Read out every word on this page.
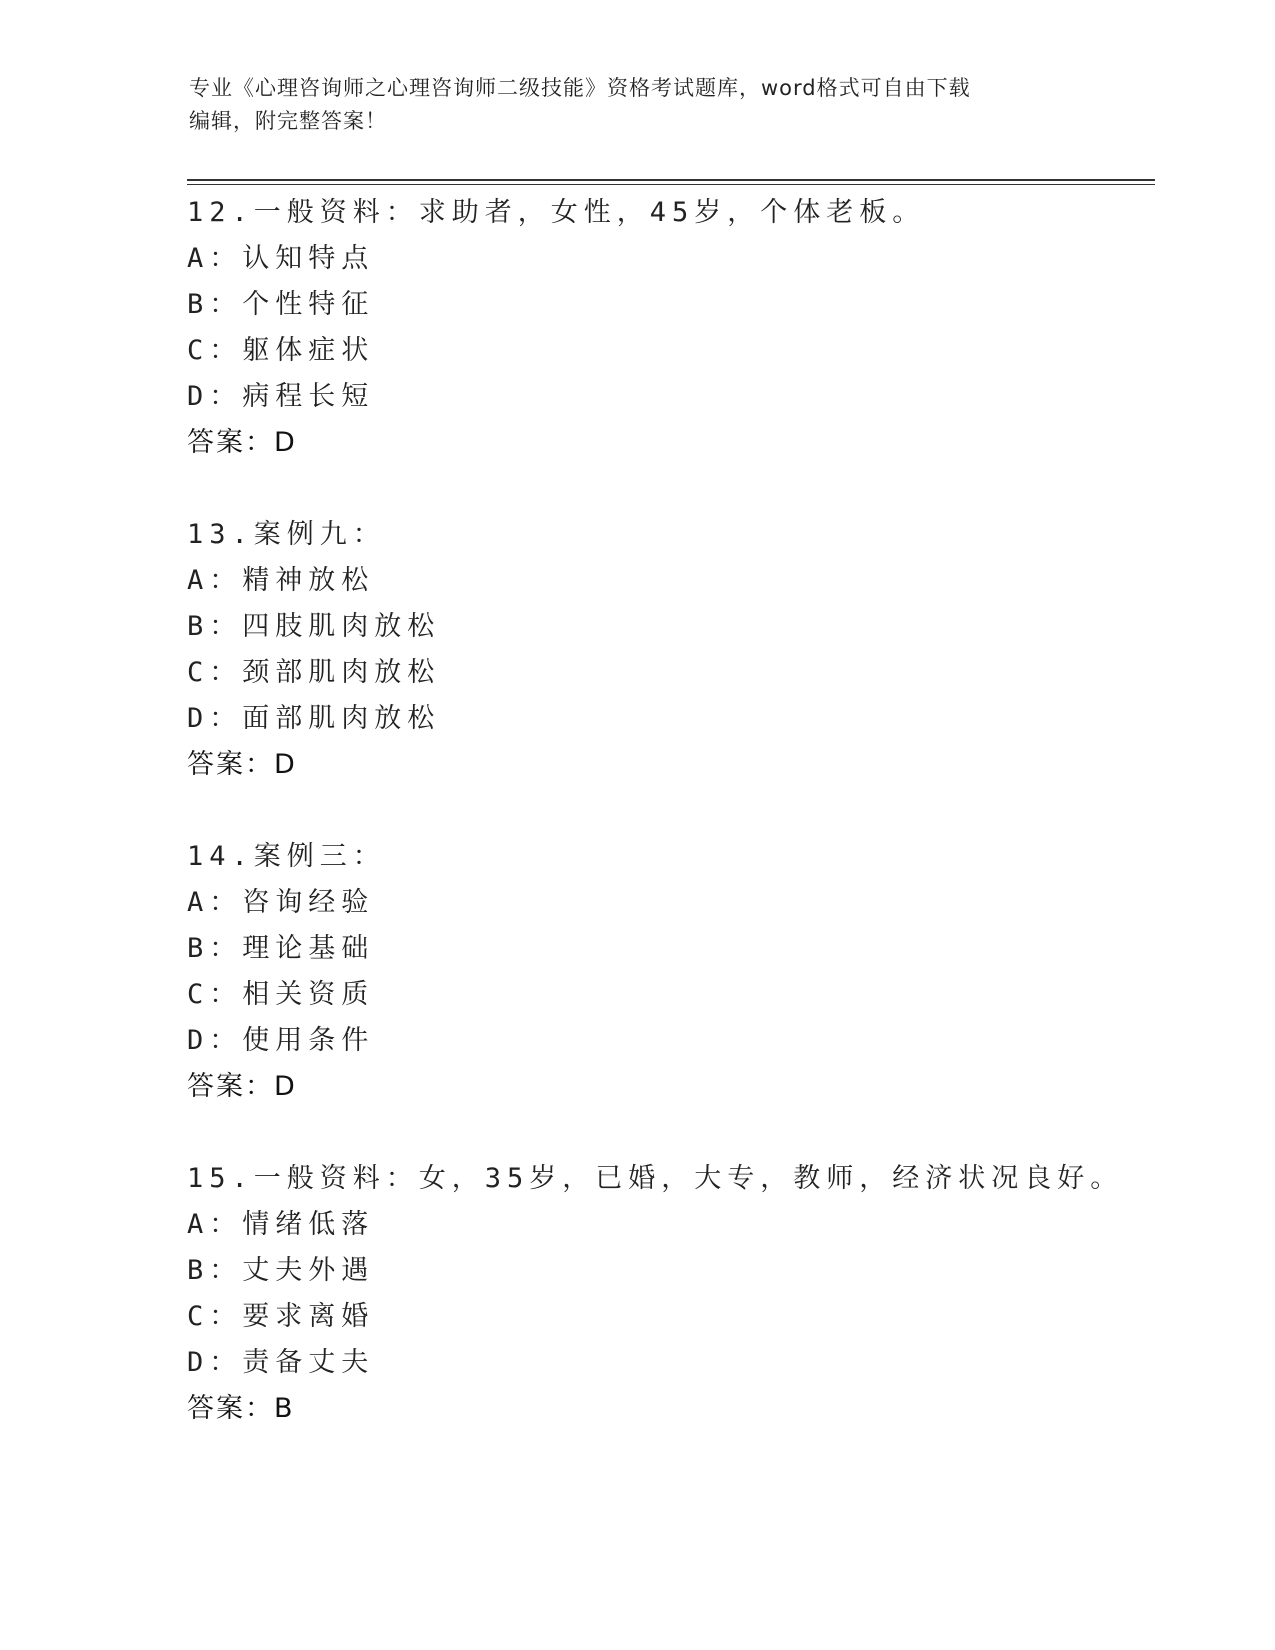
专业《心理咨询师之心理咨询师二级技能》资格考试题库，word格式可自由下载
编辑，附完整答案！
12.一般资料：求助者，女性，45岁，个体老板。
A：认知特点
B：个性特征
C：躯体症状
D：病程长短
答案：D
13.案例九：
A：精神放松
B：四肢肌肉放松
C：颈部肌肉放松
D：面部肌肉放松
答案：D
14.案例三：
A：咨询经验
B：理论基础
C：相关资质
D：使用条件
答案：D
15.一般资料：女，35岁，已婚，大专，教师，经济状况良好。
A：情绪低落
B：丈夫外遇
C：要求离婚
D：责备丈夫
答案：B
